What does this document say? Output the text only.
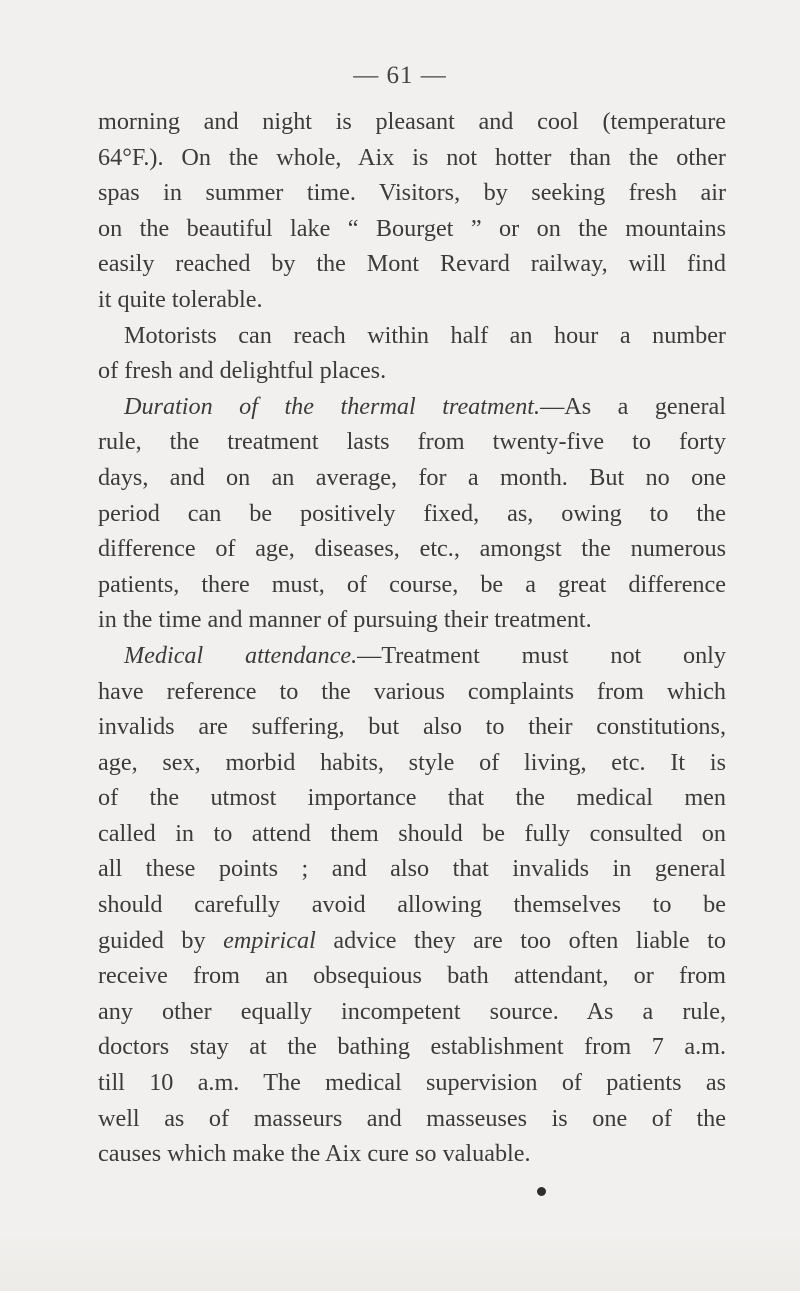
— 61 —

morning and night is pleasant and cool (temperature
64°F.). On the whole, Aix is not hotter than the other
spas in summer time. Visitors, by seeking fresh air
on the beautiful lake “ Bourget ” or on the mountains
easily reached by the Mont Revard railway, will find
it quite tolerable.

Motorists can reach within half an hour a number
of fresh and delightful places.

Duration of the thermal treatment.—As a general
rule, the treatment lasts from twenty-five to forty
days, and on an average, for a month. But no one
period can be positively fixed, as, owing to the
difference of age, diseases, etc., amongst the numerous
patients, there must, of course, be a great difference
in the time and manner of pursuing their treatment.

Medical attendance.—Treatment must not only
have reference to the various complaints from which
invalids are suffering, but also to their constitutions,
age, sex, morbid habits, style of living, etc. It is
of the utmost importance that the medical men
called in to attend them should be fully consulted on
all these points ; and also that invalids in general
should carefully avoid allowing themselves to be
guided by empirical advice they are too often liable to
receive from an obsequious bath attendant, or from
any other equally incompetent source. As a rule,
doctors stay at the bathing establishment from 7 a.m.
till 10 a.m. The medical supervision of patients as
well as of masseurs and masseuses is one of the
causes which make the Aix cure so valuable.
